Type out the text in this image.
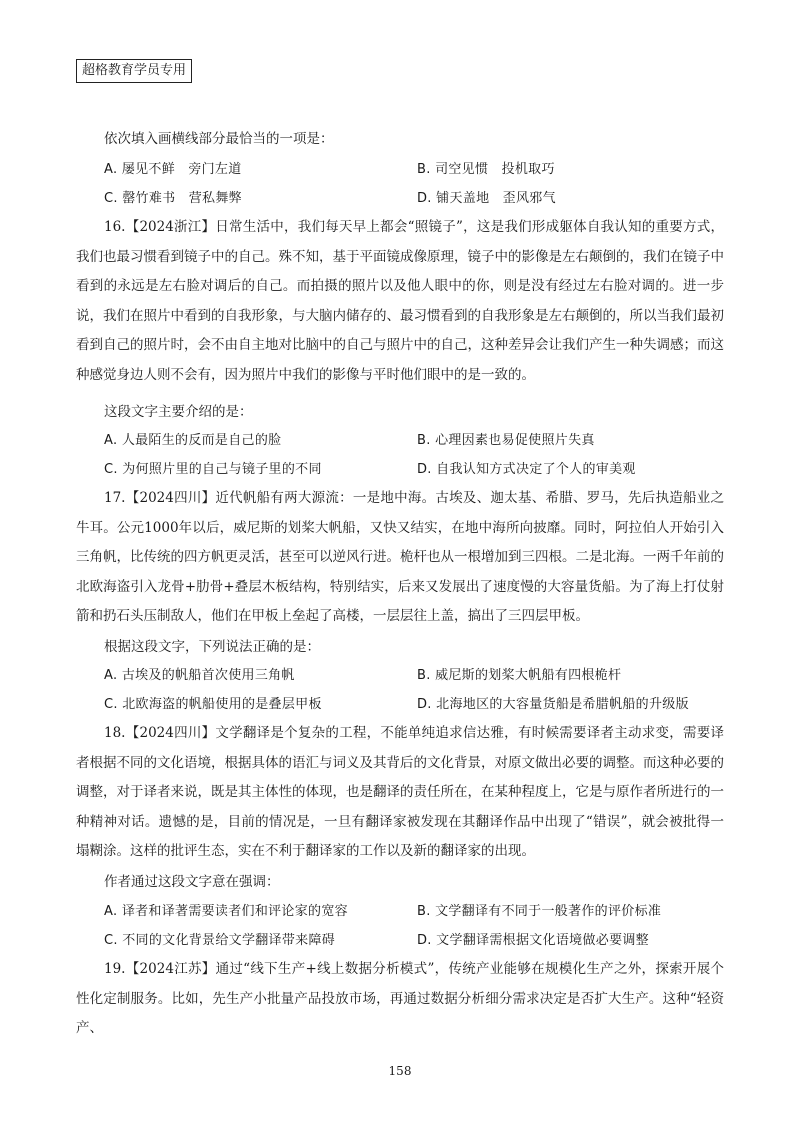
超格教育学员专用
依次填入画横线部分最恰当的一项是：
A. 屡见不鲜　旁门左道	B. 司空见惯　投机取巧
C. 罄竹难书　营私舞弊	D. 铺天盖地　歪风邪气
16.【2024浙江】日常生活中，我们每天早上都会“照镜子”，这是我们形成躯体自我认知的重要方式，我们也最习惯看到镜子中的自己。殊不知，基于平面镜成像原理，镜子中的影像是左右颠倒的，我们在镜子中看到的永远是左右脸对调后的自己。而拍摄的照片以及他人眼中的你，则是没有经过左右脸对调的。进一步说，我们在照片中看到的自我形象，与大脑内储存的、最习惯看到的自我形象是左右颠倒的，所以当我们最初看到自己的照片时，会不由自主地对比脑中的自己与照片中的自己，这种差异会让我们产生一种失调感；而这种感觉身边人则不会有，因为照片中我们的影像与平时他们眼中的是一致的。
这段文字主要介绍的是：
A. 人最陌生的反而是自己的脸	B. 心理因素也易促使照片失真
C. 为何照片里的自己与镜子里的不同	D. 自我认知方式决定了个人的审美观
17.【2024四川】近代帆船有两大源流：一是地中海。古埃及、迦太基、希腊、罗马，先后执造船业之牛耳。公元1000年以后，威尼斯的划桨大帆船，又快又结实，在地中海所向披靡。同时，阿拉伯人开始引入三角帆，比传统的四方帆更灵活，甚至可以逆风行进。桅杆也从一根增加到三四根。二是北海。一两千年前的北欧海盗引入龙骨+肋骨+叠层木板结构，特别结实，后来又发展出了速度慢的大容量货船。为了海上打仗射箭和扔石头压制敌人，他们在甲板上垒起了高楼，一层层往上盖，搞出了三四层甲板。
根据这段文字，下列说法正确的是：
A. 古埃及的帆船首次使用三角帆	B. 威尼斯的划桨大帆船有四根桅杆
C. 北欧海盗的帆船使用的是叠层甲板	D. 北海地区的大容量货船是希腊帆船的升级版
18.【2024四川】文学翻译是个复杂的工程，不能单纯追求信达雅，有时候需要译者主动求变，需要译者根据不同的文化语境，根据具体的语汇与词义及其背后的文化背景，对原文做出必要的调整。而这种必要的调整，对于译者来说，既是其主体性的体现，也是翻译的责任所在，在某种程度上，它是与原作者所进行的一种精神对话。遗憾的是，目前的情况是，一旦有翻译家被发现在其翻译作品中出现了“错误”，就会被批得一塌糊涂。这样的批评生态，实在不利于翻译家的工作以及新的翻译家的出现。
作者通过这段文字意在强调：
A. 译者和译著需要读者们和评论家的宽容	B. 文学翻译有不同于一般著作的评价标准
C. 不同的文化背景给文学翻译带来障碍	D. 文学翻译需根据文化语境做必要调整
19.【2024江苏】通过“线下生产+线上数据分析模式”，传统产业能够在规模化生产之外，探索开展个性化定制服务。比如，先生产小批量产品投放市场，再通过数据分析细分需求决定是否扩大生产。这种“轻资产、
158
